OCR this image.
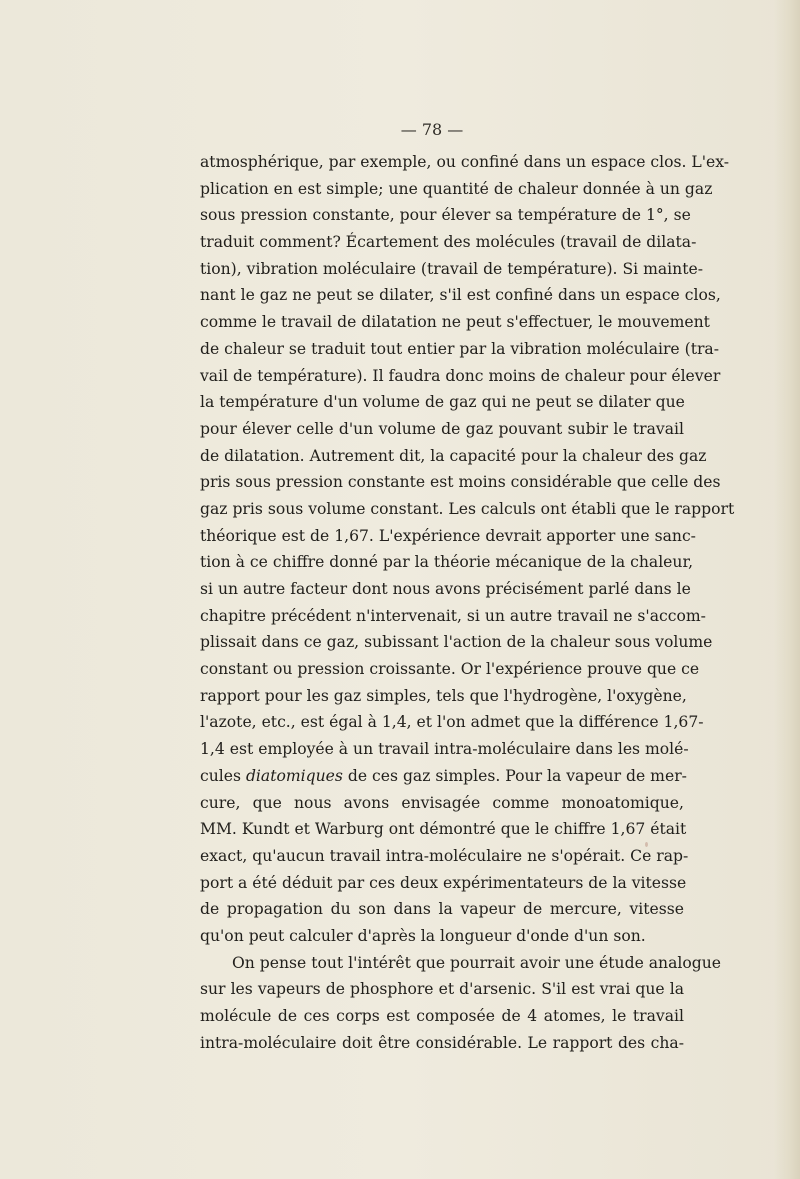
— 78 —
atmosphérique, par exemple, ou confiné dans un espace clos. L'ex-
plication en est simple; une quantité de chaleur donnée à un gaz
sous pression constante, pour élever sa température de 1°, se
traduit comment? Écartement des molécules (travail de dilata-
tion), vibration moléculaire (travail de température). Si mainte-
nant le gaz ne peut se dilater, s'il est confiné dans un espace clos,
comme le travail de dilatation ne peut s'effectuer, le mouvement
de chaleur se traduit tout entier par la vibration moléculaire (tra-
vail de température). Il faudra donc moins de chaleur pour élever
la température d'un volume de gaz qui ne peut se dilater que
pour élever celle d'un volume de gaz pouvant subir le travail
de dilatation. Autrement dit, la capacité pour la chaleur des gaz
pris sous pression constante est moins considérable que celle des
gaz pris sous volume constant. Les calculs ont établi que le rapport
théorique est de 1,67. L'expérience devrait apporter une sanc-
tion à ce chiffre donné par la théorie mécanique de la chaleur,
si un autre facteur dont nous avons précisément parlé dans le
chapitre précédent n'intervenait, si un autre travail ne s'accom-
plissait dans ce gaz, subissant l'action de la chaleur sous volume
constant ou pression croissante. Or l'expérience prouve que ce
rapport pour les gaz simples, tels que l'hydrogène, l'oxygène,
l'azote, etc., est égal à 1,4, et l'on admet que la différence 1,67-
1,4 est employée à un travail intra-moléculaire dans les molé-
cules diatomiques de ces gaz simples. Pour la vapeur de mer-
cure, que nous avons envisagée comme monoatomique,
MM. Kundt et Warburg ont démontré que le chiffre 1,67 était
exact, qu'aucun travail intra-moléculaire ne s'opérait. Ce rap-
port a été déduit par ces deux expérimentateurs de la vitesse
de propagation du son dans la vapeur de mercure, vitesse
qu'on peut calculer d'après la longueur d'onde d'un son.
On pense tout l'intérêt que pourrait avoir une étude analogue
sur les vapeurs de phosphore et d'arsenic. S'il est vrai que la
molécule de ces corps est composée de 4 atomes, le travail
intra-moléculaire doit être considérable. Le rapport des cha-
